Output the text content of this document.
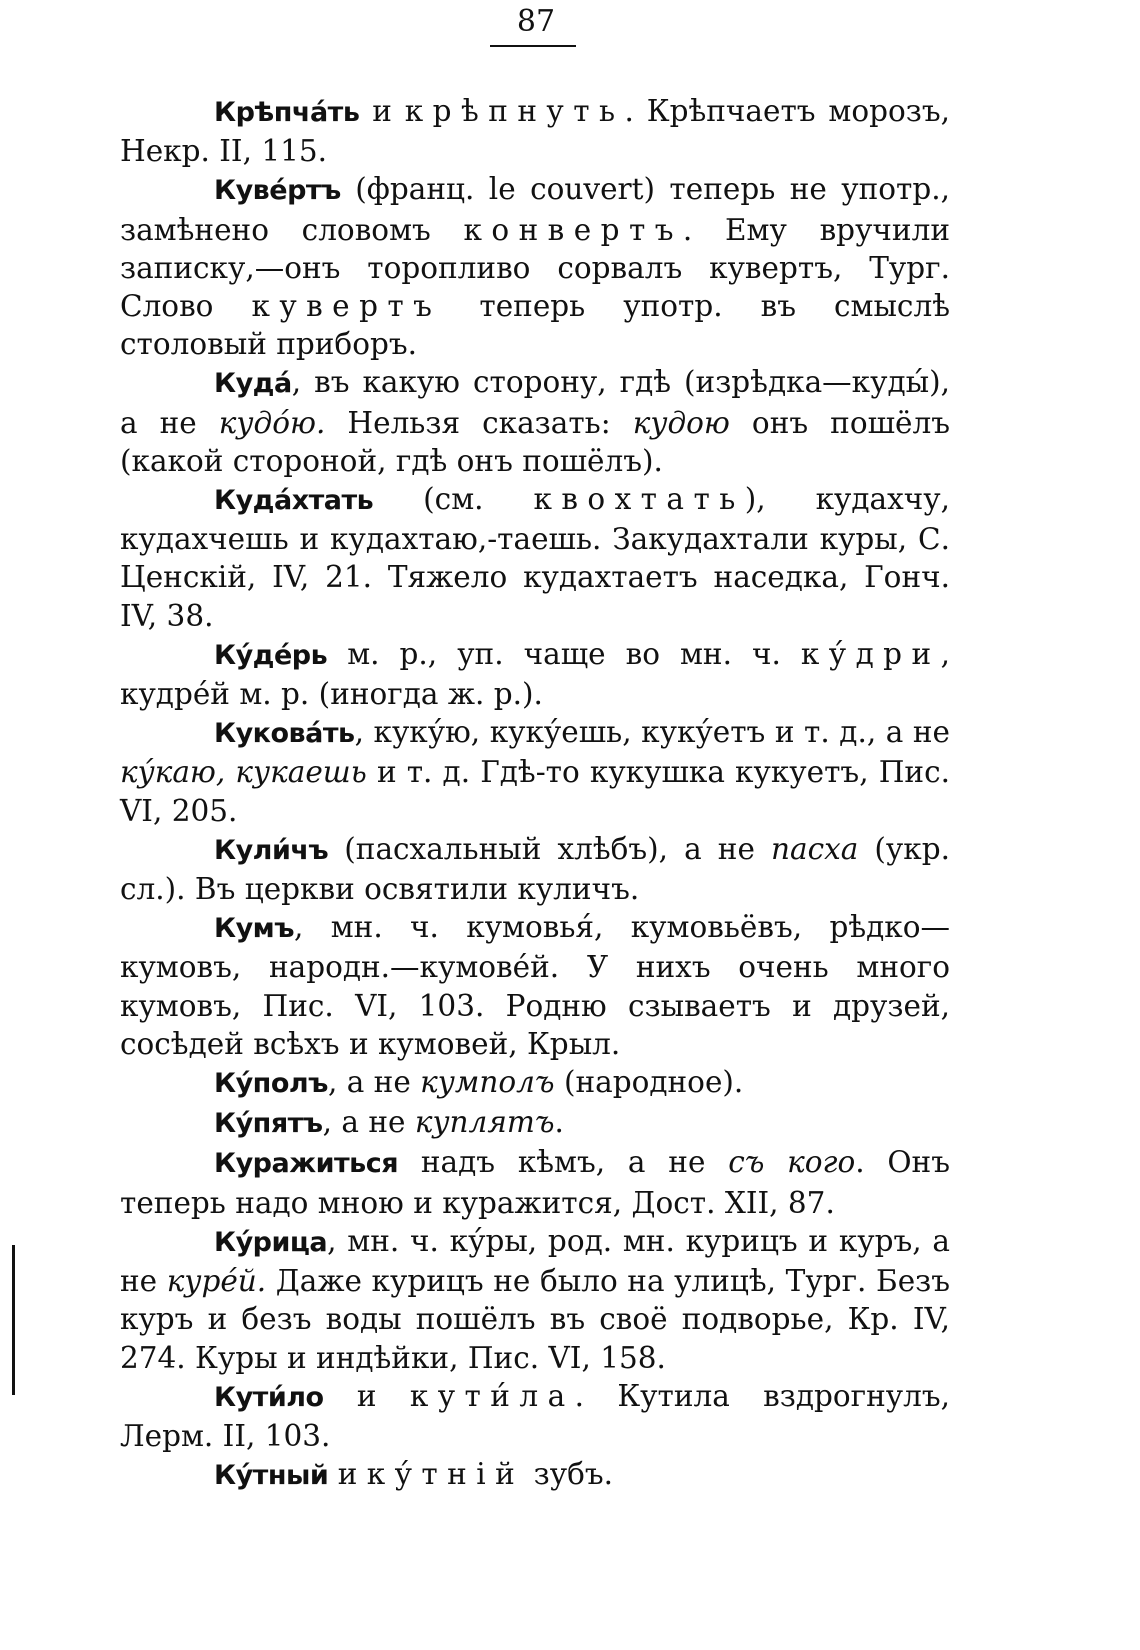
87

Крѣпча́ть и крѣпнуть. Крѣпчаетъ морозъ, Некр. II, 115.

Куве́ртъ (франц. le couvert) теперь не употр., замѣнено словомъ конвертъ. Ему вручили записку,—онъ торопливо сорвалъ кувертъ, Тург. Слово кувертъ теперь употр. въ смыслѣ столовый приборъ.

Куда́, въ какую сторону, гдѣ (изрѣдка—куды́), а не кудо́ю. Нельзя сказать: кудою онъ пошёлъ (какой стороной, гдѣ онъ пошёлъ).

Куда́хтать (см. квохтать), кудахчу, кудахчешь и кудахтаю,-таешь. Закудахтали куры, С. Ценскій, IV, 21. Тяжело кудахтаетъ наседка, Гонч. IV, 38.

Ку́де́рь м. р., уп. чаще во мн. ч. ку́дри, кудре́й м. р. (иногда ж. р.).

Кукова́ть, куку́ю, куку́ешь, куку́етъ и т. д., а не ку́каю, кукаешь и т. д. Гдѣ-то кукушка кукуетъ, Пис. VI, 205.

Кули́чъ (пасхальный хлѣбъ), а не пасха (укр. сл.). Въ церкви освятили куличъ.

Кумъ, мн. ч. кумовья́, кумовьёвъ, рѣдко—кумовъ, народн.—кумове́й. У нихъ очень много кумовъ, Пис. VI, 103. Родню сзываетъ и друзей, сосѣдей всѣхъ и кумовей, Крыл.

Ку́полъ, а не кумполъ (народное).

Ку́пятъ, а не куплятъ.

Куражиться надъ кѣмъ, а не съ кого. Онъ теперь надо мною и куражится, Дост. XII, 87.

Ку́рица, мн. ч. ку́ры, род. мн. курицъ и куръ, а не куре́й. Даже курицъ не было на улицѣ, Тург. Безъ куръ и безъ воды пошёлъ въ своё подворье, Кр. IV, 274. Куры и индѣйки, Пис. VI, 158.

Кути́ло и кути́ла. Кутила вздрогнулъ, Лерм. II, 103.

Ку́тный и ку́тній зубъ.
